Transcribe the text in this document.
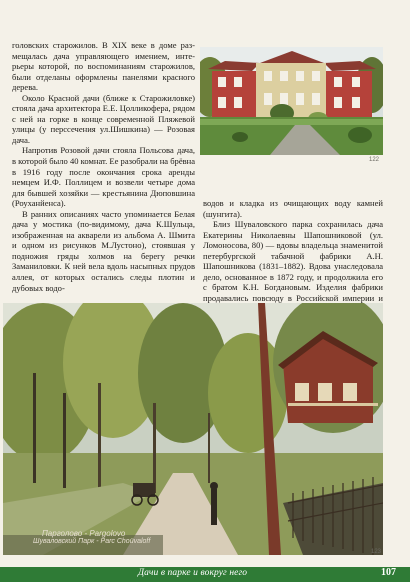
головских старожилов. В XIX веке в доме размещалась дача управляющего имением, интерьеры которой, по воспоминаниям старожилов, были отделаны оформлены панелями красного дерева.

Около Красной дачи (ближе к Старожиловке) стояла дача архитектора Е.Е. Цолликофера, рядом с ней на горке в конце современной Пляжевой улицы (у перссечения ул.Шишкина) — Розовая дача.

Напротив Розовой дачи стояла Польсова дача, в которой было 40 комнат. Ее разобрали на брёвна в 1916 году после окончания срока аренды немцем И.Ф. Поллицем и возвели четыре дома для бывшей хозяйки — крестьянина Дюповшина (Роуханйенса).

В ранних описаниях часто упоминается Белая дача у мостика (по-видимому, дача К.Шульца, изображенная на акварели из альбома А. Шмита и одном из рисунков М.Лустоно), стоявшая у подножия гряды холмов на берегу речки Заманиловки. К ней вела вдоль насыпных прудов аллея, от которых остались следы плотин и дубовых водо-

122

водов и кладка из очищающих воду камней (шунгита).

Близ Шуваловского парка сохранилась дача Екатерины Николаевны Шапошниковой (ул. Ломоносова, 80) — вдовы владельца знаменитой петербургской табачной фабрики А.Н. Шапошникова (1831–1882). Вдова унаследовала дело, основанное в 1872 году, и продолжила его с братом К.Н. Богдановым. Изделия фабрики продавались повсюду в Российской империи и

Парголово - Pargolovo
Шуваловский Парк - Parc Choüvaloff
123
Дачи в парке и вокруг него	107
